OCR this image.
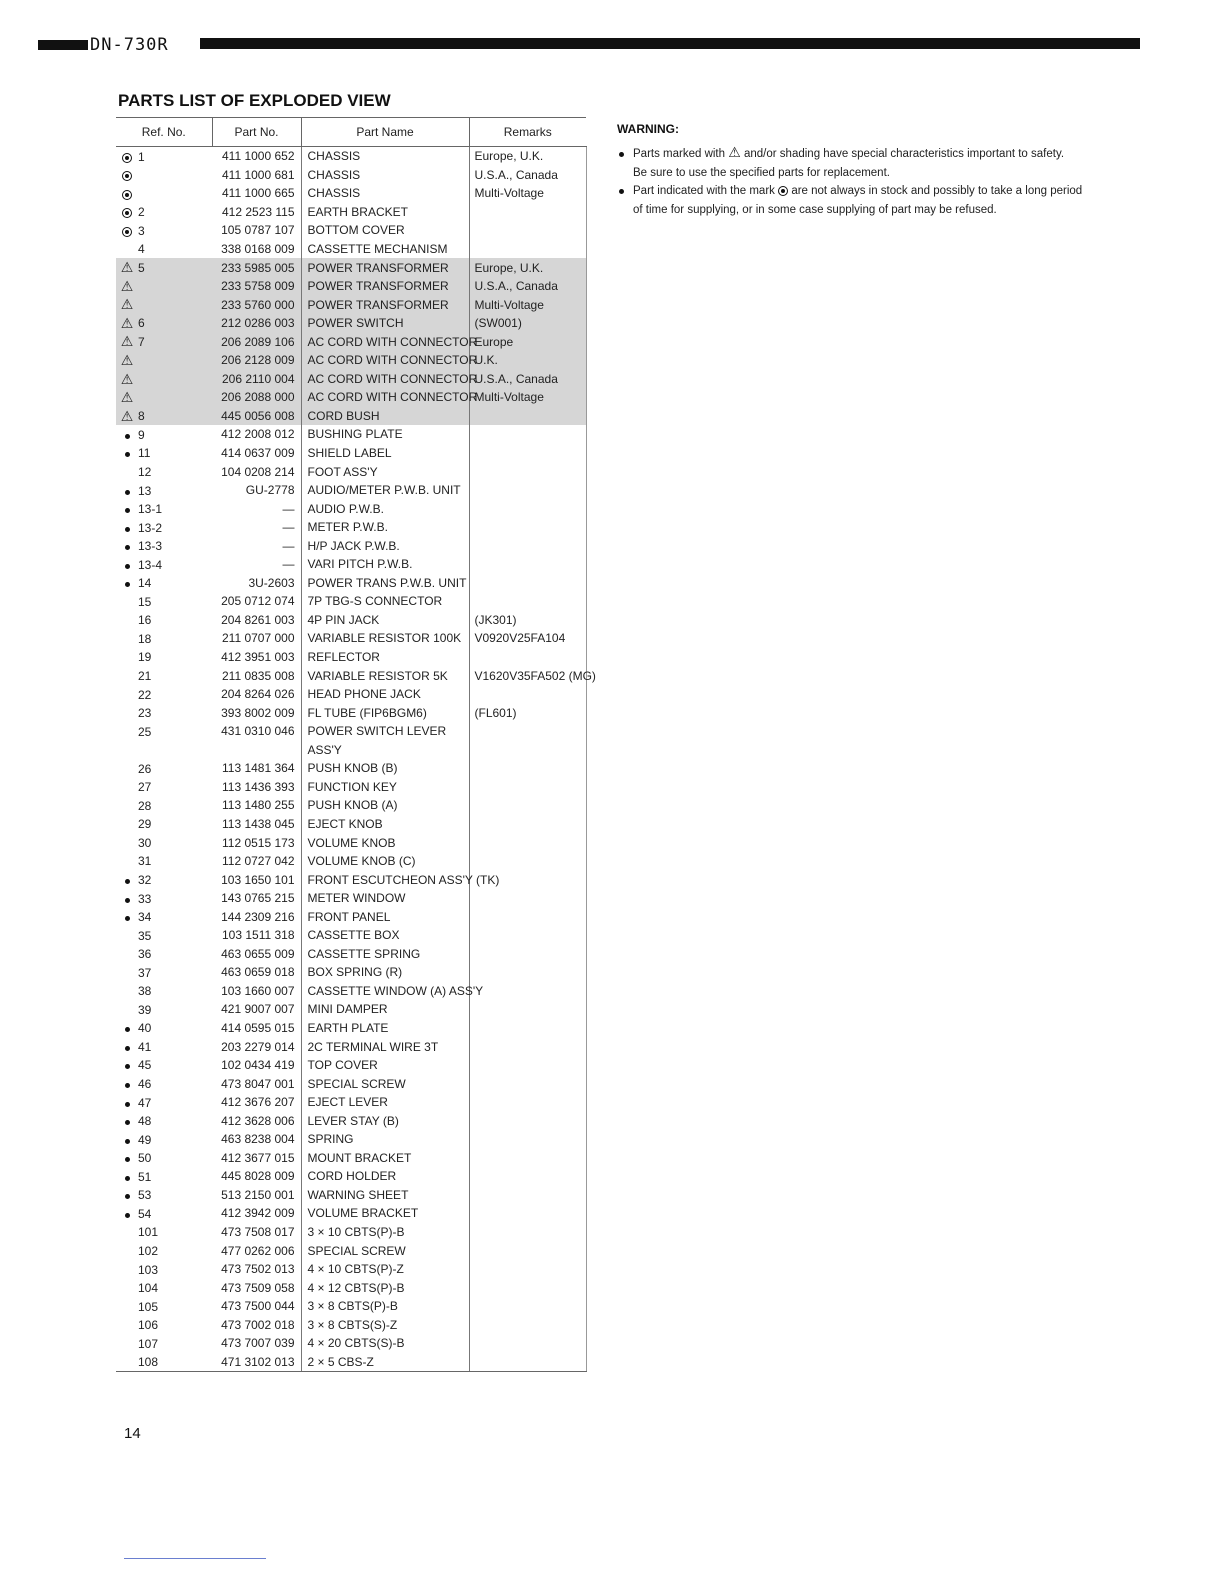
DN-730R
PARTS LIST OF EXPLODED VIEW
Ref. No.	Part No.	Part Name	Remarks
1	411 1000 652	CHASSIS	Europe, U.K.
	411 1000 681	CHASSIS	U.S.A., Canada
	411 1000 665	CHASSIS	Multi-Voltage
2	412 2523 115	EARTH BRACKET	
3	105 0787 107	BOTTOM COVER	
4	338 0168 009	CASSETTE MECHANISM	
⚠ 5	233 5985 005	POWER TRANSFORMER	Europe, U.K.
⚠	233 5758 009	POWER TRANSFORMER	U.S.A., Canada
⚠	233 5760 000	POWER TRANSFORMER	Multi-Voltage
⚠ 6	212 0286 003	POWER SWITCH	(SW001)
⚠ 7	206 2089 106	AC CORD WITH CONNECTOR	Europe
⚠	206 2128 009	AC CORD WITH CONNECTOR	U.K.
⚠	206 2110 004	AC CORD WITH CONNECTOR	U.S.A., Canada
⚠	206 2088 000	AC CORD WITH CONNECTOR	Multi-Voltage
⚠ 8	445 0056 008	CORD BUSH	
9	412 2008 012	BUSHING PLATE	
11	414 0637 009	SHIELD LABEL	
12	104 0208 214	FOOT ASS'Y	
13	GU-2778	AUDIO/METER P.W.B. UNIT	
13-1	—	AUDIO P.W.B.	
13-2	—	METER P.W.B.	
13-3	—	H/P JACK P.W.B.	
13-4	—	VARI PITCH P.W.B.	
14	3U-2603	POWER TRANS P.W.B. UNIT	
15	205 0712 074	7P TBG-S CONNECTOR	
16	204 8261 003	4P PIN JACK	(JK301)
18	211 0707 000	VARIABLE RESISTOR 100K	V0920V25FA104
19	412 3951 003	REFLECTOR	
21	211 0835 008	VARIABLE RESISTOR 5K	V1620V35FA502 (MG)
22	204 8264 026	HEAD PHONE JACK	
23	393 8002 009	FL TUBE (FIP6BGM6)	(FL601)
25	431 0310 046	POWER SWITCH LEVER	
		ASS'Y	
26	113 1481 364	PUSH KNOB (B)	
27	113 1436 393	FUNCTION KEY	
28	113 1480 255	PUSH KNOB (A)	
29	113 1438 045	EJECT KNOB	
30	112 0515 173	VOLUME KNOB	
31	112 0727 042	VOLUME KNOB (C)	
32	103 1650 101	FRONT ESCUTCHEON ASS'Y (TK)	
33	143 0765 215	METER WINDOW	
34	144 2309 216	FRONT PANEL	
35	103 1511 318	CASSETTE BOX	
36	463 0655 009	CASSETTE SPRING	
37	463 0659 018	BOX SPRING (R)	
38	103 1660 007	CASSETTE WINDOW (A) ASS'Y	
39	421 9007 007	MINI DAMPER	
40	414 0595 015	EARTH PLATE	
41	203 2279 014	2C TERMINAL WIRE 3T	
45	102 0434 419	TOP COVER	
46	473 8047 001	SPECIAL SCREW	
47	412 3676 207	EJECT LEVER	
48	412 3628 006	LEVER STAY (B)	
49	463 8238 004	SPRING	
50	412 3677 015	MOUNT BRACKET	
51	445 8028 009	CORD HOLDER	
53	513 2150 001	WARNING SHEET	
54	412 3942 009	VOLUME BRACKET	
101	473 7508 017	3 × 10 CBTS(P)-B	
102	477 0262 006	SPECIAL SCREW	
103	473 7502 013	4 × 10 CBTS(P)-Z	
104	473 7509 058	4 × 12 CBTS(P)-B	
105	473 7500 044	3 × 8 CBTS(P)-B	
106	473 7002 018	3 × 8 CBTS(S)-Z	
107	473 7007 039	4 × 20 CBTS(S)-B	
108	471 3102 013	2 × 5 CBS-Z	
WARNING:
Parts marked with ⚠ and/or shading have special characteristics important to safety.
Be sure to use the specified parts for replacement.
Part indicated with the mark are not always in stock and possibly to take a long period of time for supplying, or in some case supplying of part may be refused.
14
